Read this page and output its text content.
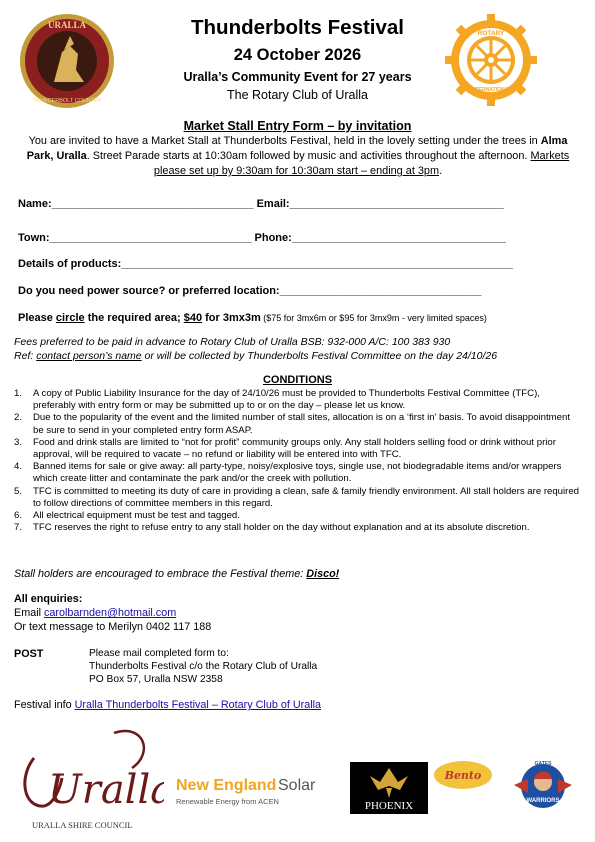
URALLA
THUNDERBOLT COUNTRY
ROTARY
INTERNATIONAL
Thunderbolts Festival
24 October 2026
Uralla’s Community Event for 27 years
The Rotary Club of Uralla
Market Stall Entry Form – by invitation
You are invited to have a Market Stall at Thunderbolts Festival, held in the lovely setting under the trees in Alma Park, Uralla. Street Parade starts at 10:30am followed by music and activities throughout the afternoon. Markets please set up by 9:30am for 10:30am start – ending at 3pm.
Name:_________________________________ Email:___________________________________
Town:_________________________________ Phone:___________________________________
Details of products:________________________________________________________________
Do you need power source? or preferred location:_________________________________
Please circle the required area; $40 for 3mx3m ($75 for 3mx6m or $95 for 3mx9m - very limited spaces)
Fees preferred to be paid in advance to Rotary Club of Uralla BSB: 932-000 A/C: 100 383 930
Ref: contact person’s name or will be collected by Thunderbolts Festival Committee on the day 24/10/26
CONDITIONS
1. A copy of Public Liability Insurance for the day of 24/10/26 must be provided to Thunderbolts Festival Committee (TFC), preferably with entry form or may be submitted up to or on the day – please let us know.
2. Due to the popularity of the event and the limited number of stall sites, allocation is on a ‘first in’ basis. To avoid disappointment be sure to send in your completed entry form ASAP.
3. Food and drink stalls are limited to “not for profit” community groups only. Any stall holders selling food or drink without prior approval, will be required to vacate – no refund or liability will be entered into with TFC.
4. Banned items for sale or give away: all party-type, noisy/explosive toys, single use, not biodegradable items and/or wrappers which create litter and contaminate the park and/or the creek with pollution.
5. TFC is committed to meeting its duty of care in providing a clean, safe & family friendly environment. All stall holders are required to follow directions of committee members in this regard.
6. All electrical equipment must be test and tagged.
7. TFC reserves the right to refuse entry to any stall holder on the day without explanation and at its absolute discretion.
Stall holders are encouraged to embrace the Festival theme: Disco!
All enquiries:
Email carolbarnden@hotmail.com
Or text message to Merilyn 0402 117 188
POST	Please mail completed form to:
Thunderbolts Festival c/o the Rotary Club of Uralla
PO Box 57, Uralla NSW 2358
Festival info Uralla Thunderbolts Festival – Rotary Club of Uralla
Uralla
URALLA SHIRE COUNCIL
New England Solar
Renewable Energy from ACEN	PHOENIX
Bento
GATES
WARRIORS
